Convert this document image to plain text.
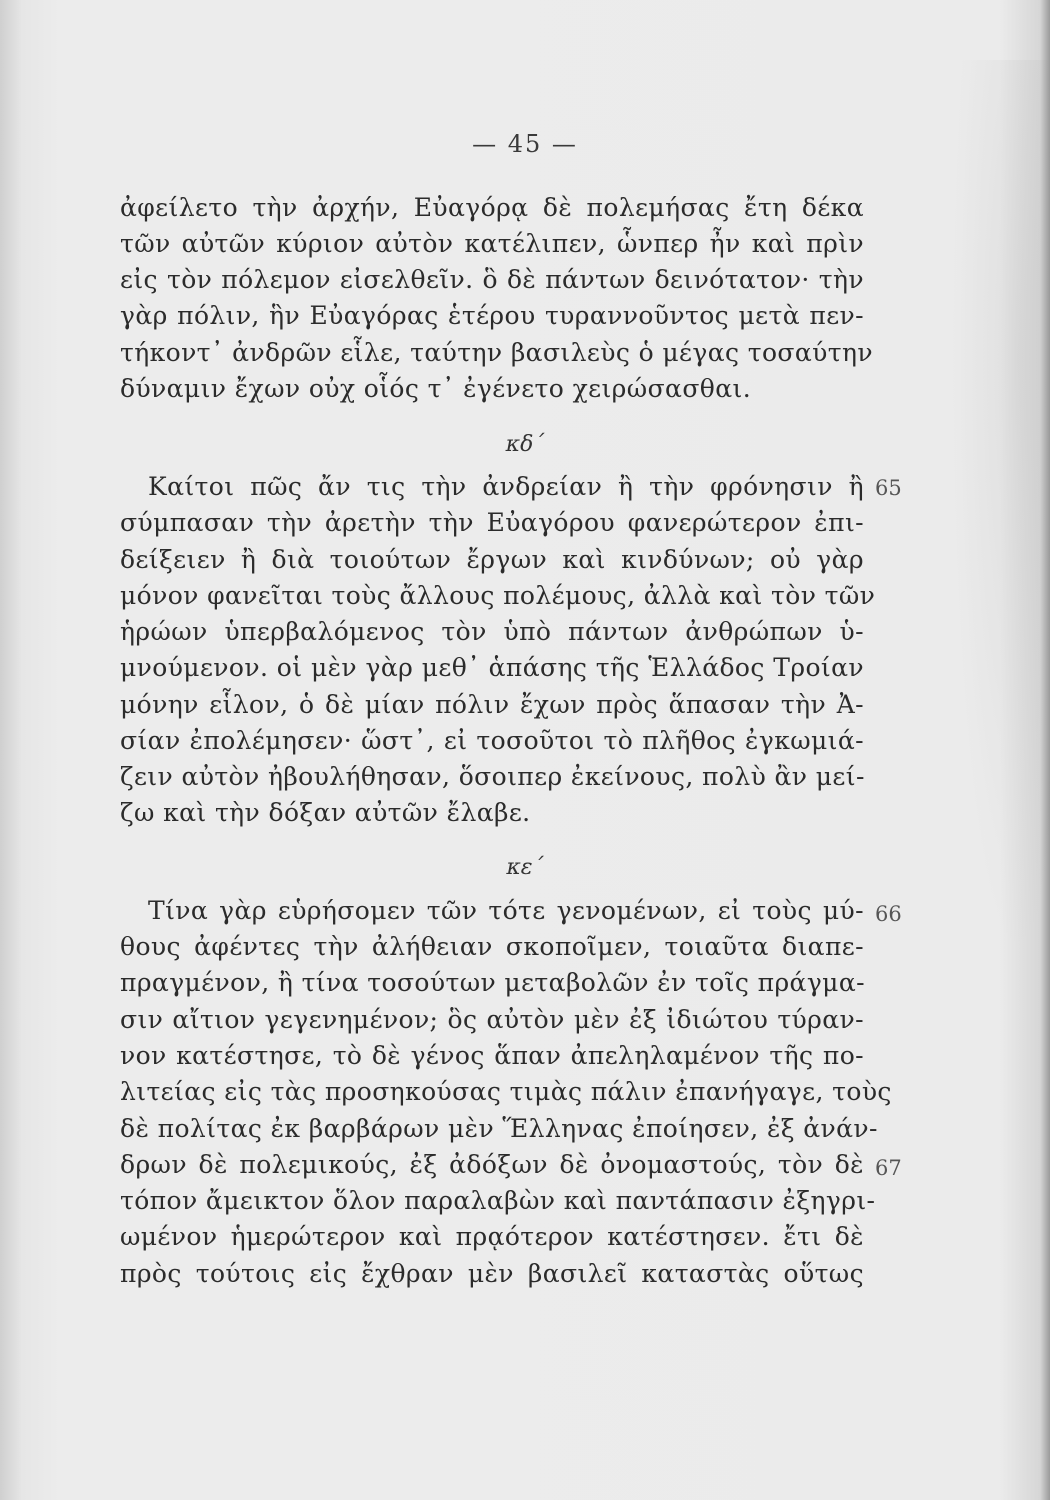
— 45 —
ἀφείλετο τὴν ἀρχήν, Εὐαγόρᾳ δὲ πολεμήσας ἔτη δέκα
τῶν αὐτῶν κύριον αὐτὸν κατέλιπεν, ὧνπερ ἦν καὶ πρὶν
εἰς τὸν πόλεμον εἰσελθεῖν. ὃ δὲ πάντων δεινότατον· τὴν
γὰρ πόλιν, ἣν Εὐαγόρας ἑτέρου τυραννοῦντος μετὰ πεν-
τήκοντ᾽ ἀνδρῶν εἷλε, ταύτην βασιλεὺς ὁ μέγας τοσαύτην
δύναμιν ἔχων οὐχ οἷός τ᾽ ἐγένετο χειρώσασθαι.
κδ΄
Καίτοι πῶς ἄν τις τὴν ἀνδρείαν ἢ τὴν φρόνησιν ἢ 65
σύμπασαν τὴν ἀρετὴν τὴν Εὐαγόρου φανερώτερον ἐπι-
δείξειεν ἢ διὰ τοιούτων ἔργων καὶ κινδύνων; οὐ γὰρ
μόνον φανεῖται τοὺς ἄλλους πολέμους, ἀλλὰ καὶ τὸν τῶν
ἡρώων ὑπερβαλόμενος τὸν ὑπὸ πάντων ἀνθρώπων ὑ-
μνούμενον. οἱ μὲν γὰρ μεθ᾽ ἁπάσης τῆς Ἑλλάδος Τροίαν
μόνην εἷλον, ὁ δὲ μίαν πόλιν ἔχων πρὸς ἅπασαν τὴν Ἀ-
σίαν ἐπολέμησεν· ὥστ᾽, εἰ τοσοῦτοι τὸ πλῆθος ἐγκωμιά-
ζειν αὐτὸν ἠβουλήθησαν, ὅσοιπερ ἐκείνους, πολὺ ἂν μεί-
ζω καὶ τὴν δόξαν αὐτῶν ἔλαβε.
κε΄
Τίνα γὰρ εὑρήσομεν τῶν τότε γενομένων, εἰ τοὺς μύ- 66
θους ἀφέντες τὴν ἀλήθειαν σκοποῖμεν, τοιαῦτα διαπε-
πραγμένον, ἢ τίνα τοσούτων μεταβολῶν ἐν τοῖς πράγμα-
σιν αἴτιον γεγενημένον; ὃς αὐτὸν μὲν ἐξ ἰδιώτου τύραν-
νον κατέστησε, τὸ δὲ γένος ἅπαν ἀπεληλαμένον τῆς πο-
λιτείας εἰς τὰς προσηκούσας τιμὰς πάλιν ἐπανήγαγε, τοὺς
δὲ πολίτας ἐκ βαρβάρων μὲν Ἕλληνας ἐποίησεν, ἐξ ἀνάν-
δρων δὲ πολεμικούς, ἐξ ἀδόξων δὲ ὀνομαστούς, τὸν δὲ 67
τόπον ἄμεικτον ὅλον παραλαβὼν καὶ παντάπασιν ἐξηγρι-
ωμένον ἡμερώτερον καὶ πρᾳότερον κατέστησεν. ἔτι δὲ
πρὸς τούτοις εἰς ἔχθραν μὲν βασιλεῖ καταστὰς οὕτως
